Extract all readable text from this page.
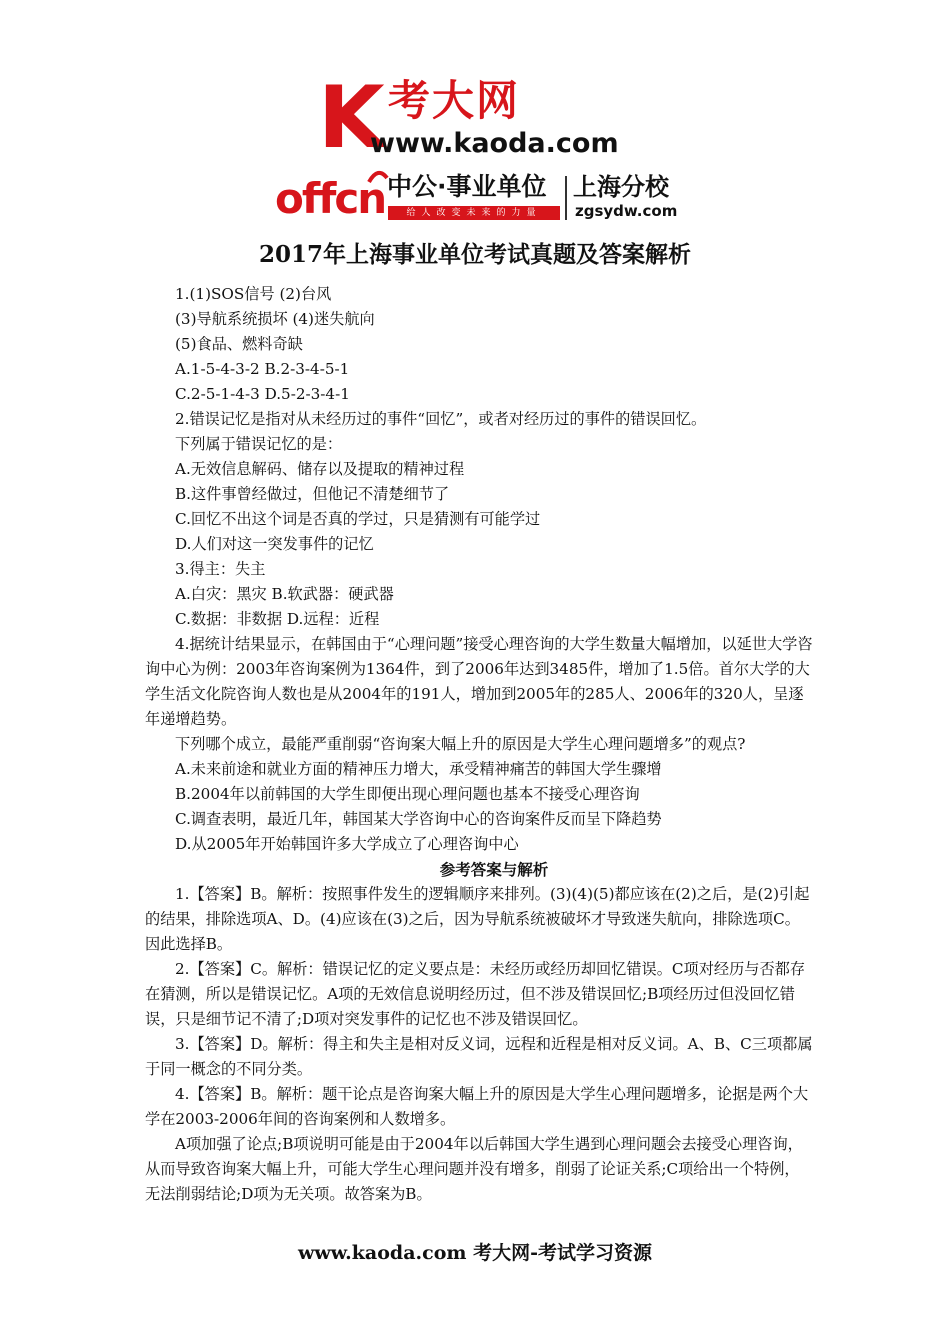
K 考大网
www.kaoda.com
offcn 中公·事业单位
给人改变未来的力量
上海分校
zgsydw.com
2017年上海事业单位考试真题及答案解析

1.(1)SOS信号 (2)台风

(3)导航系统损坏 (4)迷失航向

(5)食品、燃料奇缺

A.1-5-4-3-2 B.2-3-4-5-1

C.2-5-1-4-3 D.5-2-3-4-1

2.错误记忆是指对从未经历过的事件“回忆”，或者对经历过的事件的错误回忆。

下列属于错误记忆的是：

A.无效信息解码、储存以及提取的精神过程

B.这件事曾经做过，但他记不清楚细节了

C.回忆不出这个词是否真的学过，只是猜测有可能学过

D.人们对这一突发事件的记忆

3.得主：失主

A.白灾：黑灾 B.软武器：硬武器

C.数据：非数据 D.远程：近程

4.据统计结果显示，在韩国由于“心理问题”接受心理咨询的大学生数量大幅增加，以延世大学咨询中心为例：2003年咨询案例为1364件，到了2006年达到3485件，增加了1.5倍。首尔大学的大学生活文化院咨询人数也是从2004年的191人，增加到2005年的285人、2006年的320人，呈逐年递增趋势。

下列哪个成立，最能严重削弱“咨询案大幅上升的原因是大学生心理问题增多”的观点?

A.未来前途和就业方面的精神压力增大，承受精神痛苦的韩国大学生骤增

B.2004年以前韩国的大学生即便出现心理问题也基本不接受心理咨询

C.调查表明，最近几年，韩国某大学咨询中心的咨询案件反而呈下降趋势

D.从2005年开始韩国许多大学成立了心理咨询中心

参考答案与解析

1.【答案】B。解析：按照事件发生的逻辑顺序来排列。(3)(4)(5)都应该在(2)之后，是(2)引起的结果，排除选项A、D。(4)应该在(3)之后，因为导航系统被破坏才导致迷失航向，排除选项C。因此选择B。

2.【答案】C。解析：错误记忆的定义要点是：未经历或经历却回忆错误。C项对经历与否都存在猜测，所以是错误记忆。A项的无效信息说明经历过，但不涉及错误回忆;B项经历过但没回忆错误，只是细节记不清了;D项对突发事件的记忆也不涉及错误回忆。

3.【答案】D。解析：得主和失主是相对反义词，远程和近程是相对反义词。A、B、C三项都属于同一概念的不同分类。

4.【答案】B。解析：题干论点是咨询案大幅上升的原因是大学生心理问题增多，论据是两个大学在2003-2006年间的咨询案例和人数增多。

A项加强了论点;B项说明可能是由于2004年以后韩国大学生遇到心理问题会去接受心理咨询，从而导致咨询案大幅上升，可能大学生心理问题并没有增多，削弱了论证关系;C项给出一个特例，无法削弱结论;D项为无关项。故答案为B。

www.kaoda.com 考大网-考试学习资源
